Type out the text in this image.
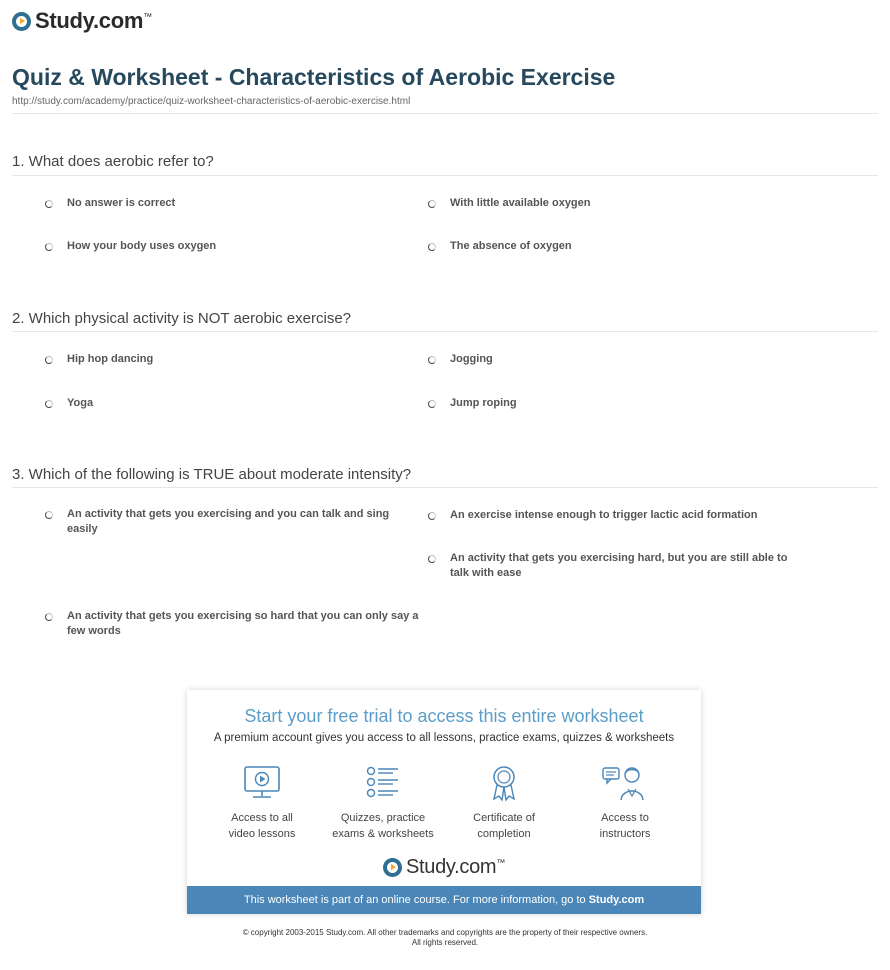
Study.com™
Quiz & Worksheet - Characteristics of Aerobic Exercise
http://study.com/academy/practice/quiz-worksheet-characteristics-of-aerobic-exercise.html
1. What does aerobic refer to?
No answer is correct	With little available oxygen
How your body uses oxygen	The absence of oxygen
2. Which physical activity is NOT aerobic exercise?
Hip hop dancing	Jogging
Yoga	Jump roping
3. Which of the following is TRUE about moderate intensity?
An activity that gets you exercising and you can talk and sing easily
An exercise intense enough to trigger lactic acid formation
An activity that gets you exercising hard, but you are still able to talk with ease
An activity that gets you exercising so hard that you can only say a few words
Start your free trial to access this entire worksheet
A premium account gives you access to all lessons, practice exams, quizzes & worksheets
Access to all
video lessons
Quizzes, practice
exams & worksheets
Certificate of
completion
Access to
instructors
Study.com™
This worksheet is part of an online course. For more information, go to Study.com
© copyright 2003-2015 Study.com. All other trademarks and copyrights are the property of their respective owners.
All rights reserved.
